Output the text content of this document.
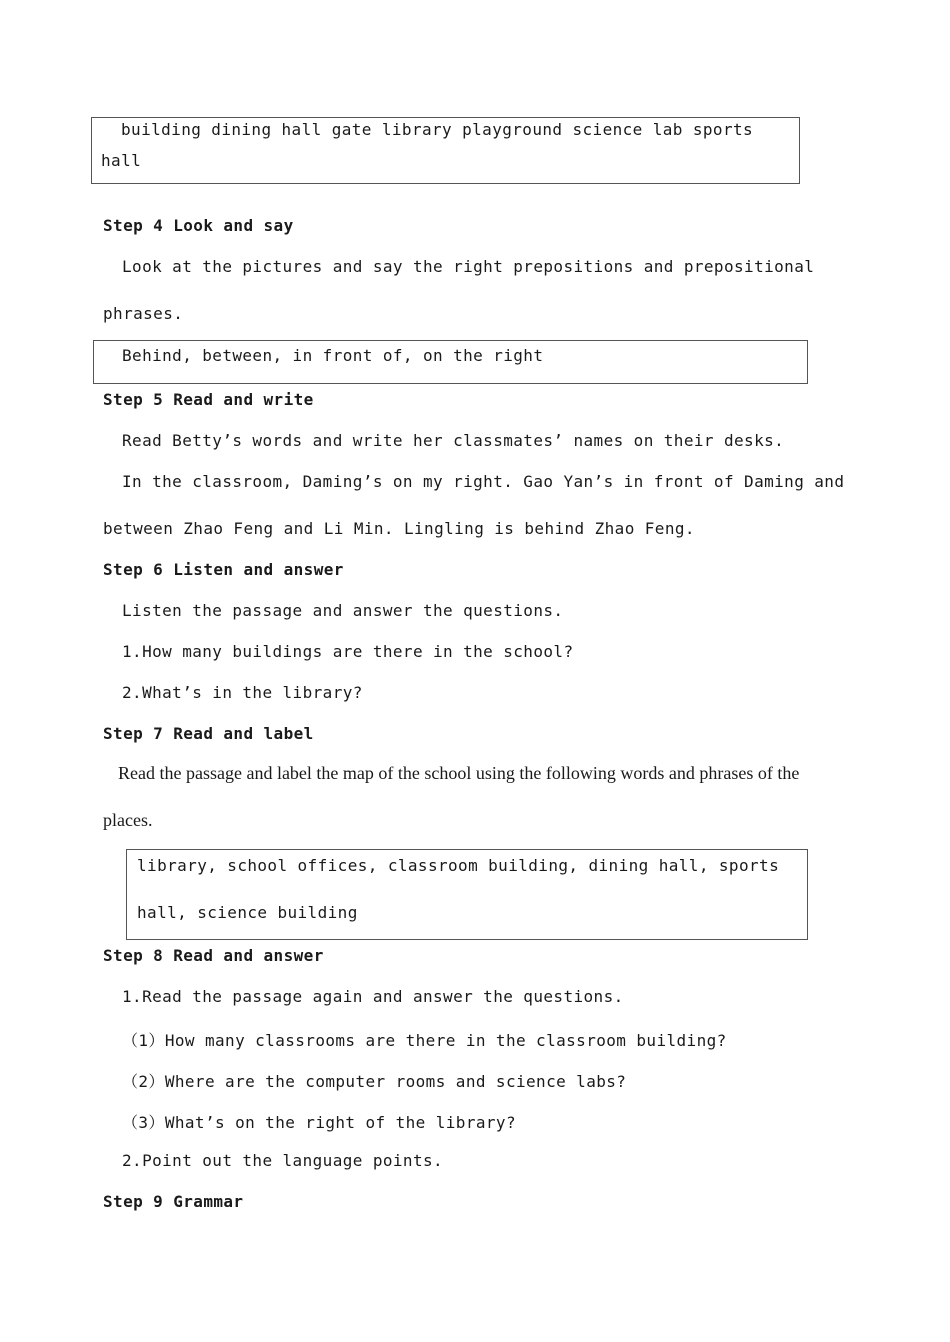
building dining hall gate library playground science lab sports
hall
Step 4 Look and say
Look at the pictures and say the right prepositions and prepositional
phrases.
Behind, between, in front of, on the right
Step 5 Read and write
Read Betty’s words and write her classmates’ names on their desks.
In the classroom, Daming’s on my right. Gao Yan’s in front of Daming and
between Zhao Feng and Li Min. Lingling is behind Zhao Feng.
Step 6 Listen and answer
Listen the passage and answer the questions.
1.How many buildings are there in the school?
2.What’s in the library?
Step 7 Read and label
Read the passage and label the map of the school using the following words and phrases of the
places.
library, school offices, classroom building, dining hall, sports
hall, science building
Step 8 Read and answer
1.Read the passage again and answer the questions.
（1）How many classrooms are there in the classroom building?
（2）Where are the computer rooms and science labs?
（3）What’s on the right of the library?
2.Point out the language points.
Step 9 Grammar
